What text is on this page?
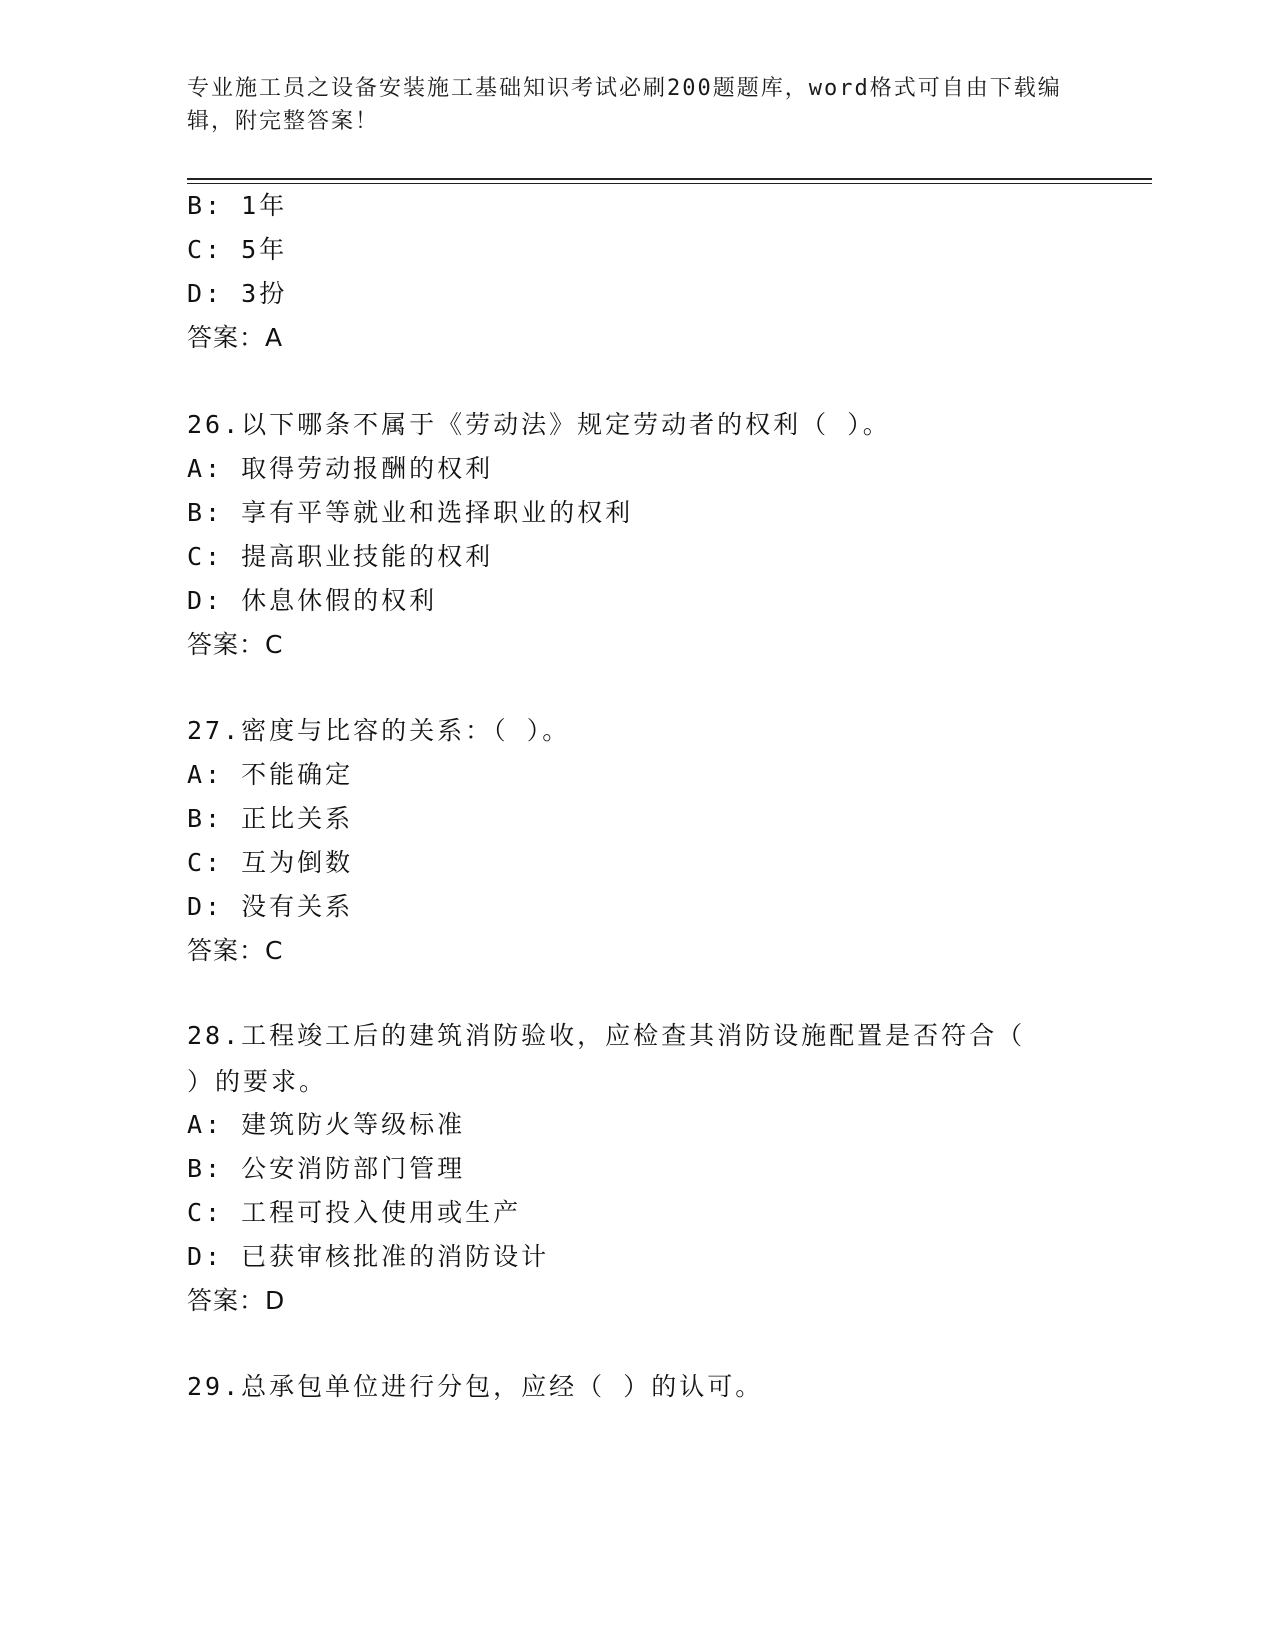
专业施工员之设备安装施工基础知识考试必刷200题题库，word格式可自由下载编辑，附完整答案！
B: 1年
C: 5年
D: 3扮
答案：A
26.以下哪条不属于《劳动法》规定劳动者的权利（ ）。
A: 取得劳动报酬的权利
B: 享有平等就业和选择职业的权利
C: 提高职业技能的权利
D: 休息休假的权利
答案：C
27.密度与比容的关系：（ ）。
A: 不能确定
B: 正比关系
C: 互为倒数
D: 没有关系
答案：C
28.工程竣工后的建筑消防验收，应检查其消防设施配置是否符合（ ）的要求。
A: 建筑防火等级标准
B: 公安消防部门管理
C: 工程可投入使用或生产
D: 已获审核批准的消防设计
答案：D
29.总承包单位进行分包，应经（ ）的认可。
